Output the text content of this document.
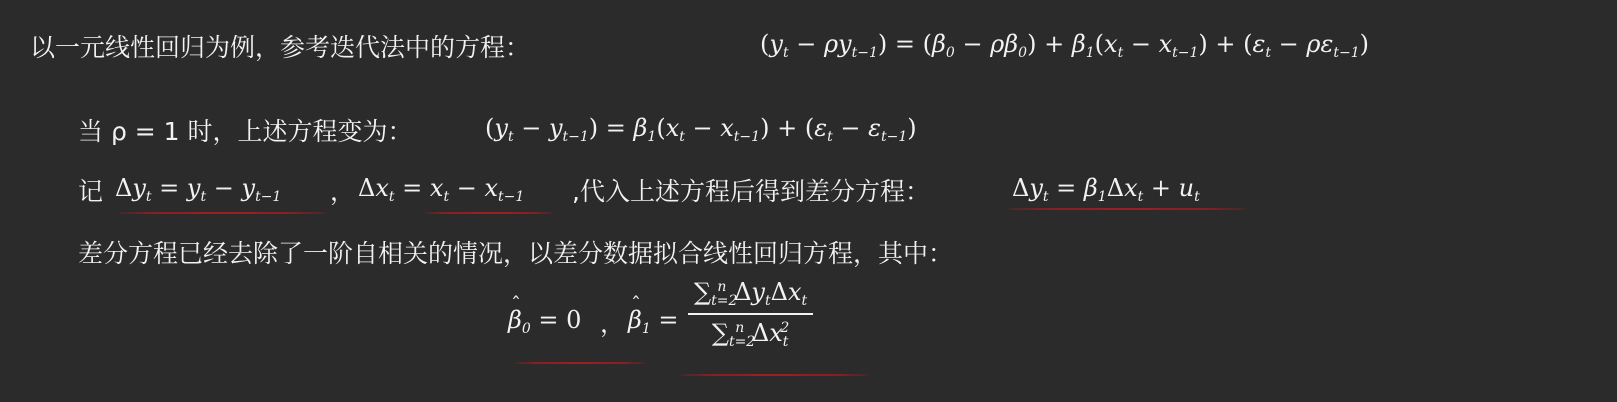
以一元线性回归为例，参考迭代法中的方程：	$(y_t - \rho y_{t-1}) = (\beta_0 - \rho\beta_0) + \beta_1(x_t - x_{t-1}) + (\varepsilon_t - \rho\varepsilon_{t-1})$
当 ρ = 1 时，上述方程变为：	$(y_t - y_{t-1}) = \beta_1(x_t - x_{t-1}) + (\varepsilon_t - \varepsilon_{t-1})$
记 $\Delta y_t = y_t - y_{t-1}$ ， $\Delta x_t = x_t - x_{t-1}$ ,代入上述方程后得到差分方程：	$\Delta y_t = \beta_1\Delta x_t + u_t$
差分方程已经去除了一阶自相关的情况，以差分数据拟合线性回归方程，其中：
ˆ $\beta_0 = 0$ ，
ˆ $\beta_1 = \frac{\sum_{t=2}^n \Delta y_t\Delta x_t}{\sum_{t=2}^n \Delta x_t^2}$
